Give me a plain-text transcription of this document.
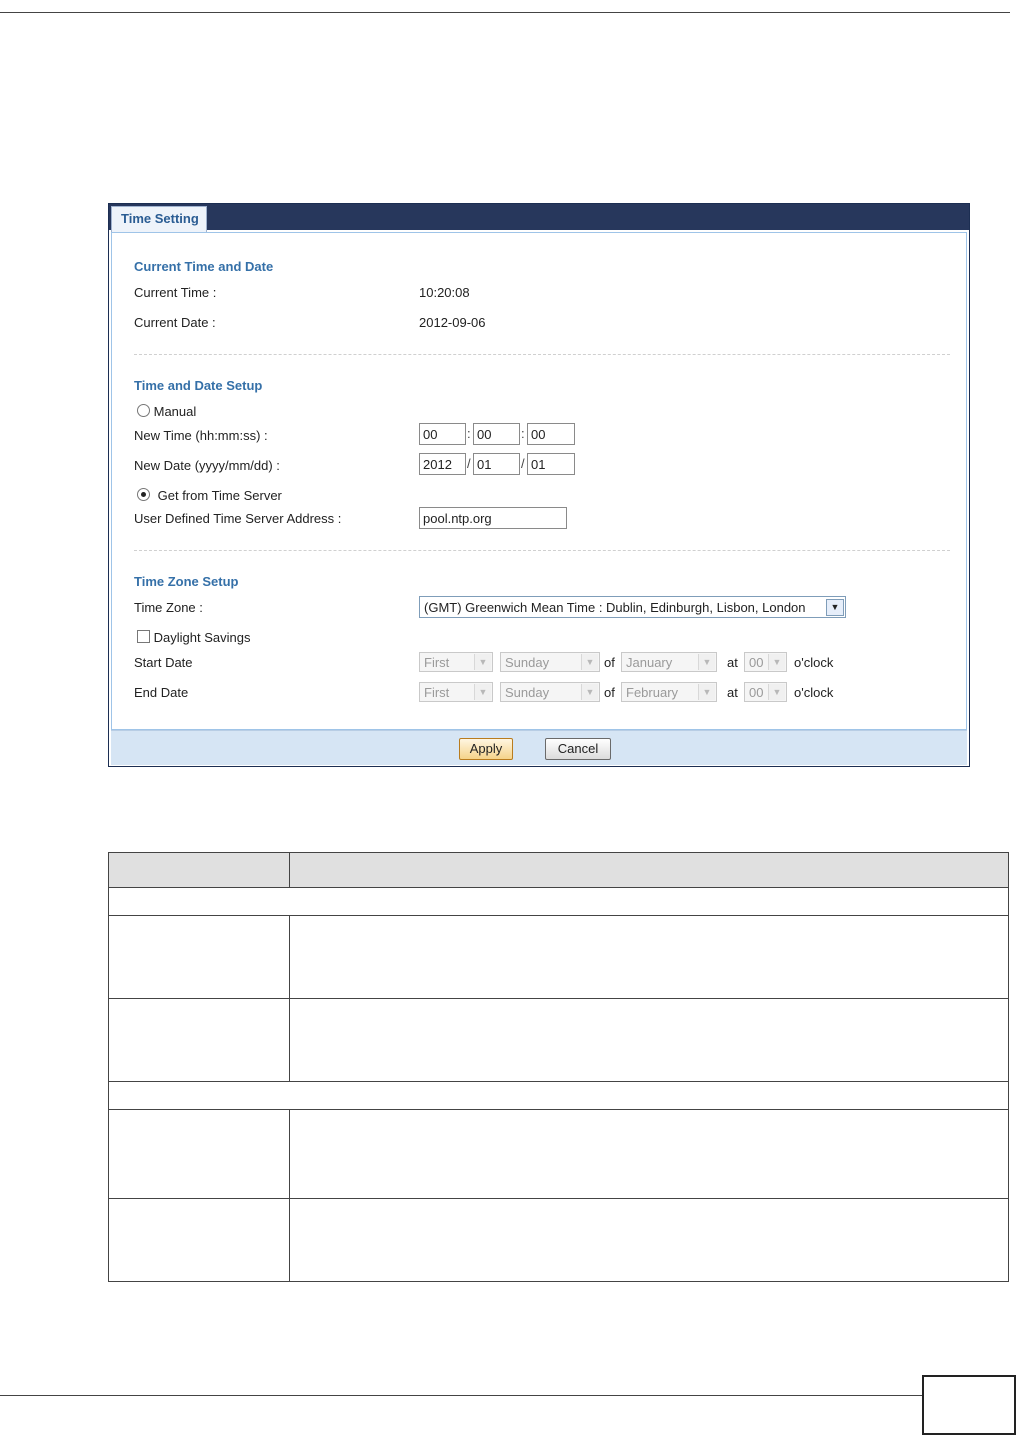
Time Setting
Current Time and Date
Current Time :	10:20:08
Current Date :	2012-09-06
Time and Date Setup
Manual
New Time (hh:mm:ss) :	00	: 00	: 00
New Date (yyyy/mm/dd) :	2012	/ 01	/ 01
Get from Time Server
User Defined Time Server Address :	pool.ntp.org
Time Zone Setup
Time Zone :	(GMT) Greenwich Mean Time : Dublin, Edinburgh, Lisbon, London	▼
Daylight Savings
Start Date	First	▼	Sunday	▼ of January	▼ at 00	▼ o'clock
End Date	First	▼	Sunday	▼ of February	▼ at 00	▼ o'clock
Apply	Cancel
